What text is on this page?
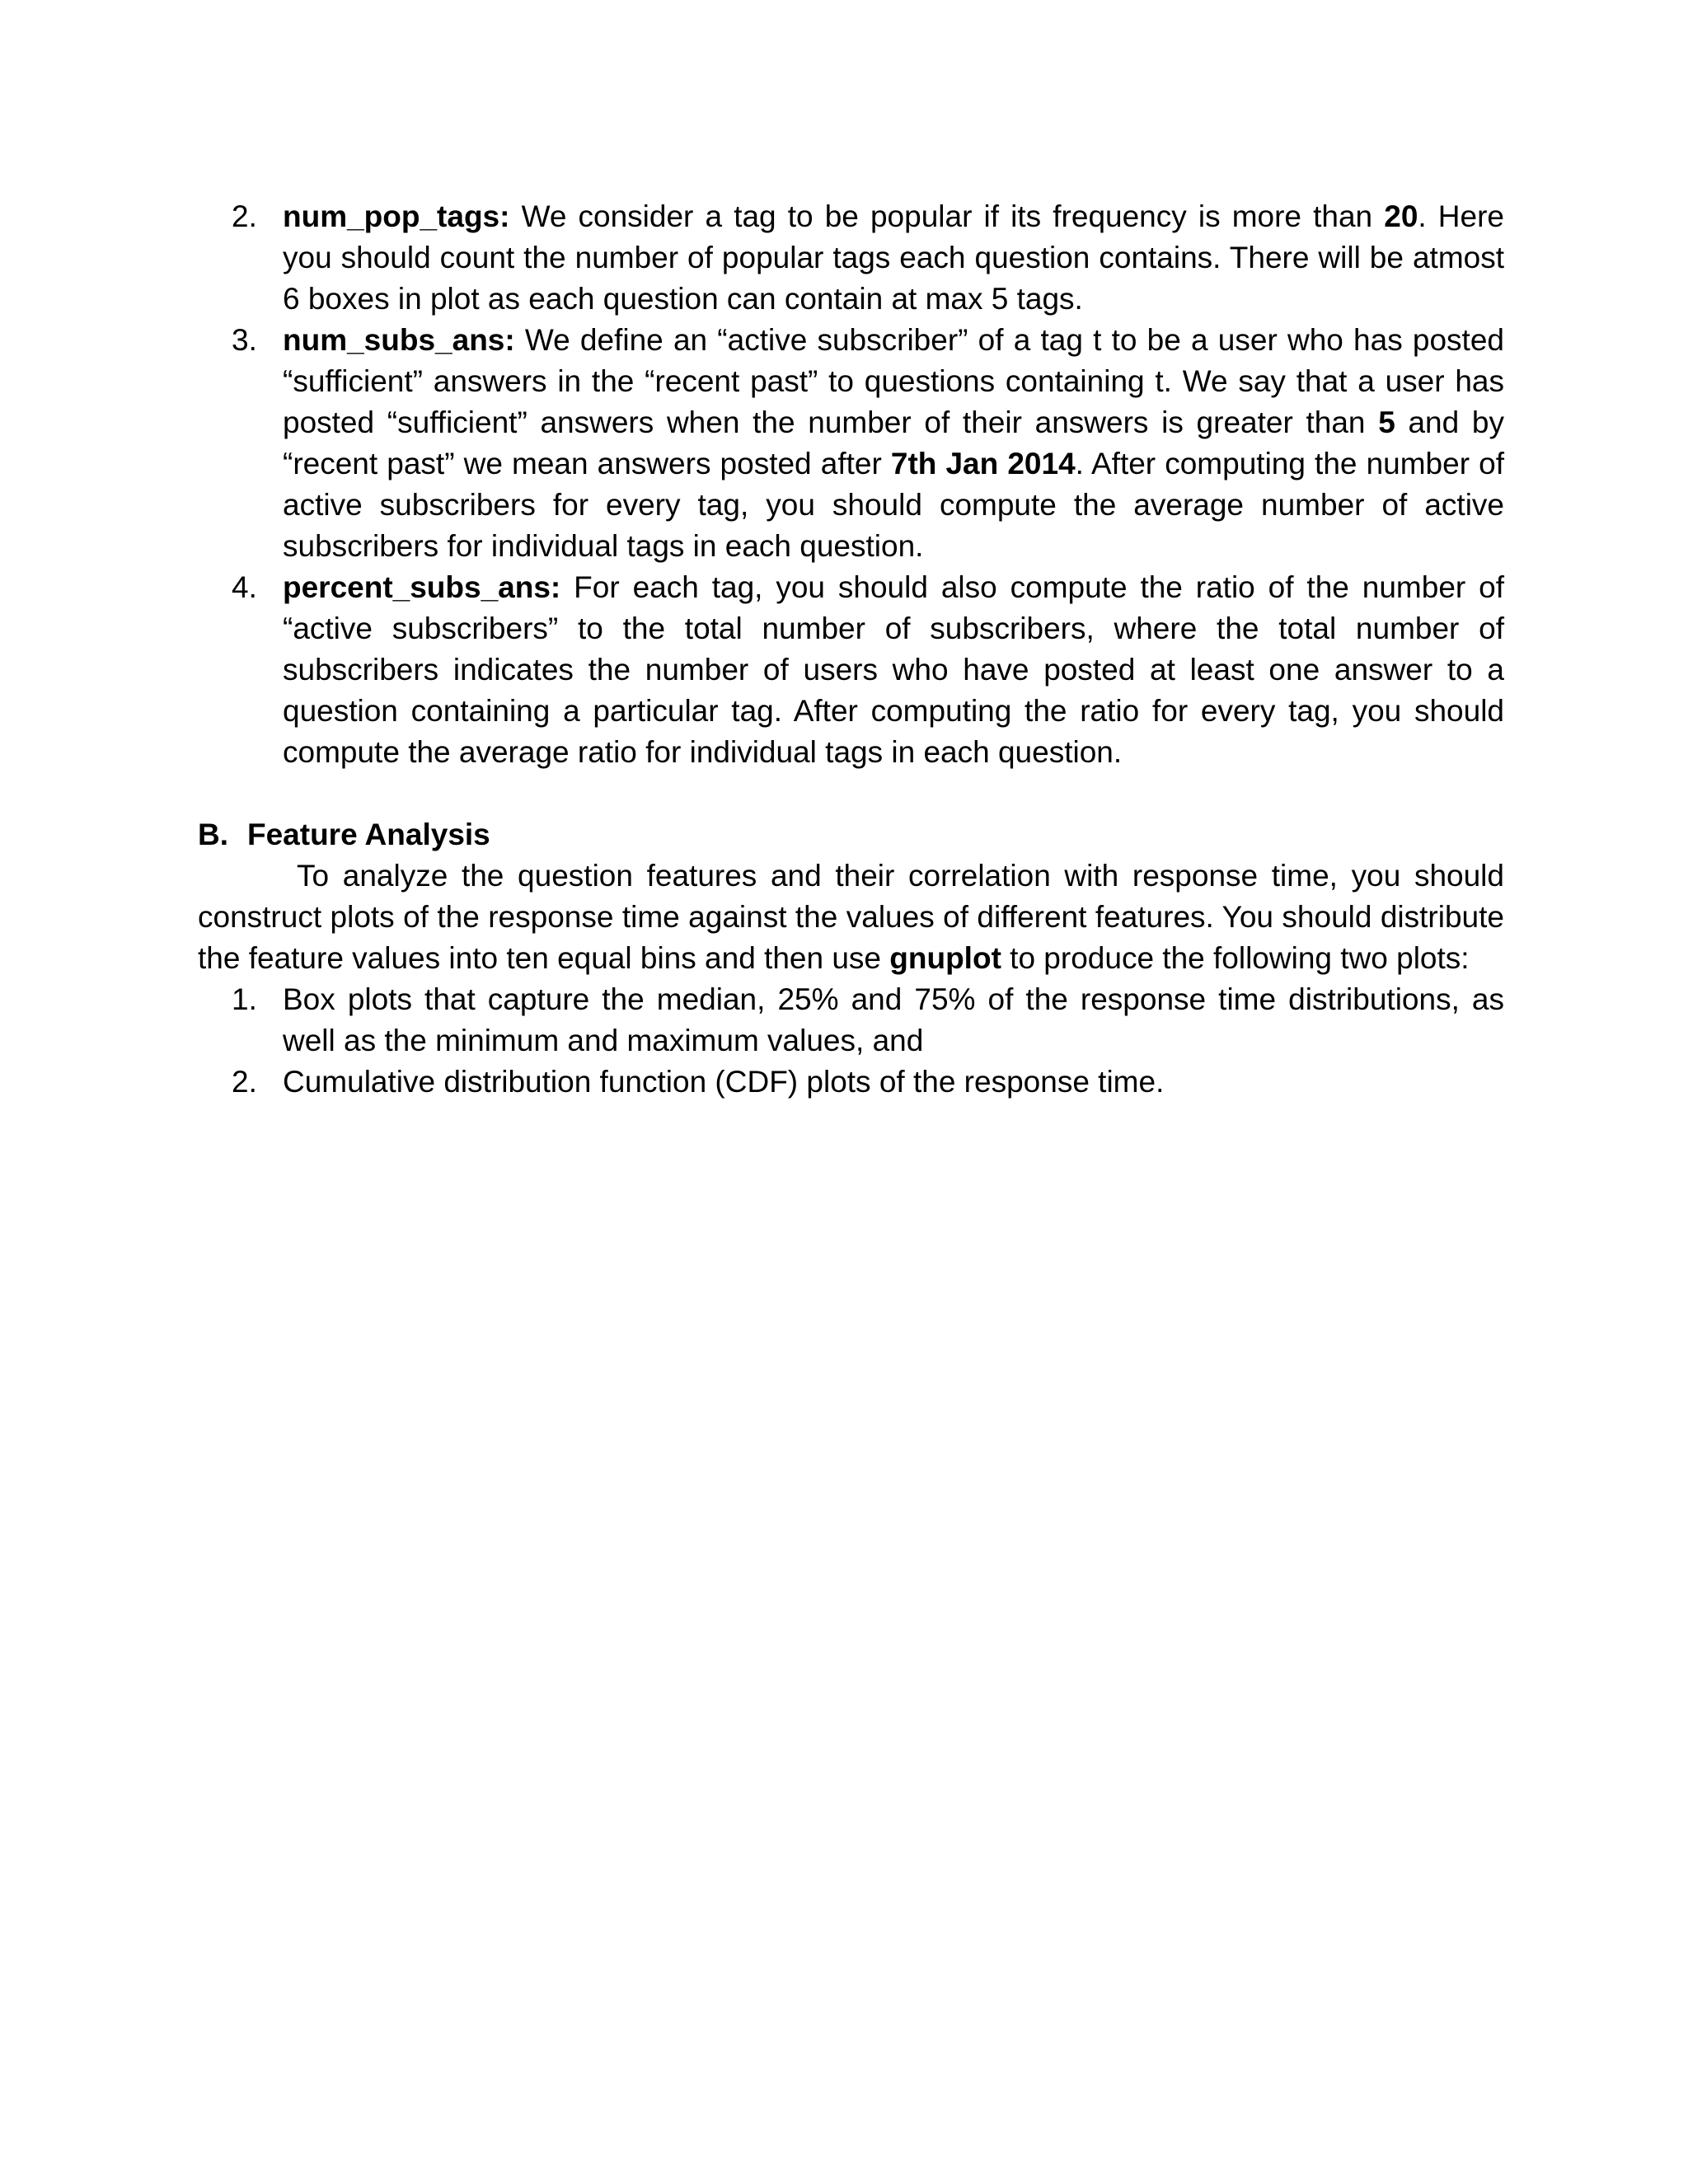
2. num_pop_tags: We consider a tag to be popular if its frequency is more than 20. Here you should count the number of popular tags each question contains. There will be atmost 6 boxes in plot as each question can contain at max 5 tags.
3. num_subs_ans: We define an “active subscriber” of a tag t to be a user who has posted “sufficient” answers in the “recent past” to questions containing t. We say that a user has posted “sufficient” answers when the number of their answers is greater than 5 and by “recent past” we mean answers posted after 7th Jan 2014. After computing the number of active subscribers for every tag, you should compute the average number of active subscribers for individual tags in each question.
4. percent_subs_ans: For each tag, you should also compute the ratio of the number of “active subscribers” to the total number of subscribers, where the total number of subscribers indicates the number of users who have posted at least one answer to a question containing a particular tag. After computing the ratio for every tag, you should compute the average ratio for individual tags in each question.
B. Feature Analysis

To analyze the question features and their correlation with response time, you should construct plots of the response time against the values of different features. You should distribute the feature values into ten equal bins and then use gnuplot to produce the following two plots:

1. Box plots that capture the median, 25% and 75% of the response time distributions, as well as the minimum and maximum values, and
2. Cumulative distribution function (CDF) plots of the response time.
